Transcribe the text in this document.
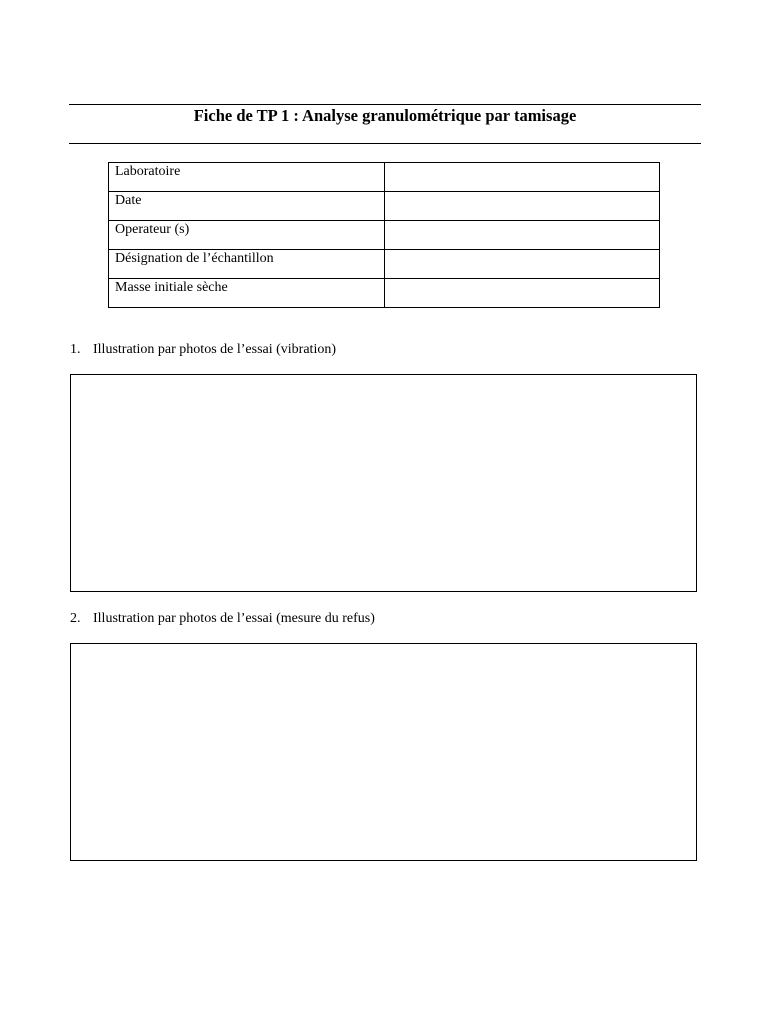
Fiche de TP 1 : Analyse granulométrique par tamisage
Laboratoire	
Date	
Operateur (s)	
Désignation de l’échantillon	
Masse initiale sèche	
1. Illustration par photos de l’essai (vibration)
2. Illustration par photos de l’essai (mesure du refus)
